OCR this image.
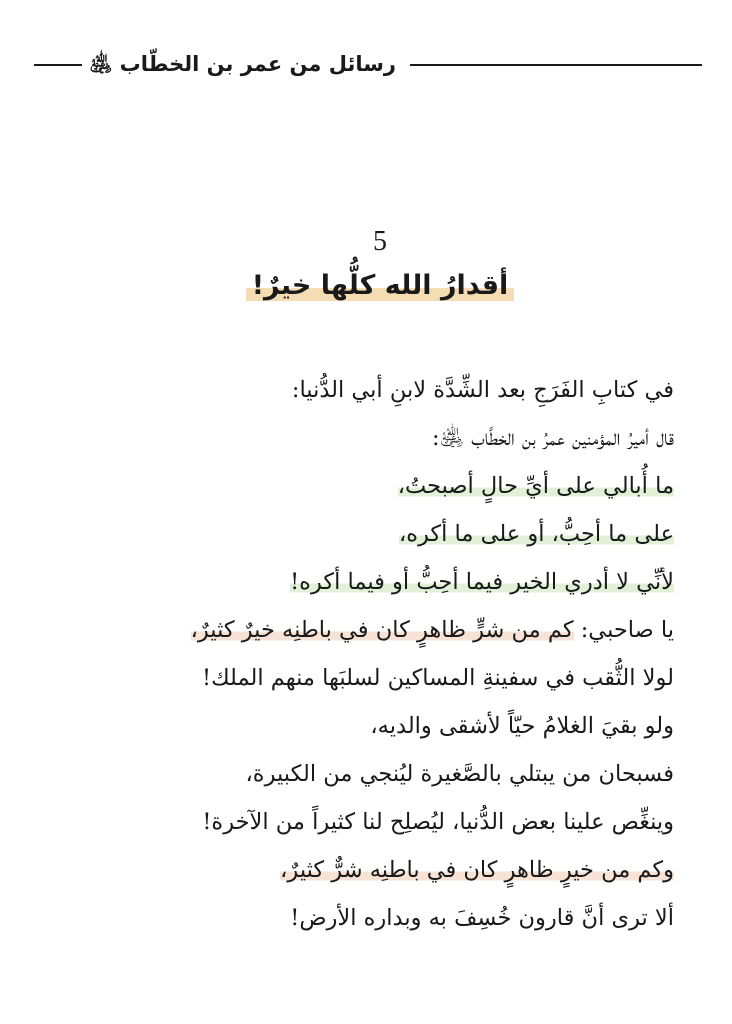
رسائل من عمر بن الخطّاب ﵁
5
أقدارُ الله كلُّها خيرٌ!
في كتابِ الفَرَجِ بعد الشِّدَّة لابنِ أبي الدُّنيا:
قال أميرُ المؤمنين عمرُ بن الخطَّاب ﵁:
ما أُبالي على أيِّ حالٍ أصبحتُ،
على ما أحِبُّ، أو على ما أكره،
لأنِّي لا أدري الخير فيما أحِبُّ أو فيما أكره!
يا صاحبي: كم من شرٍّ ظاهرٍ كان في باطنِه خيرٌ كثيرٌ،
لولا الثُّقب في سفينةِ المساكين لسلبَها منهم الملك!
ولو بقيَ الغلامُ حيّاً لأشقى والديه،
فسبحان من يبتلي بالصَّغيرة ليُنجي من الكبيرة،
وينغِّص علينا بعض الدُّنيا، ليُصلِح لنا كثيراً من الآخرة!
وكم من خيرٍ ظاهرٍ كان في باطنِه شرٌّ كثيرٌ،
ألا ترى أنَّ قارون خُسِفَ به وبداره الأرض!
